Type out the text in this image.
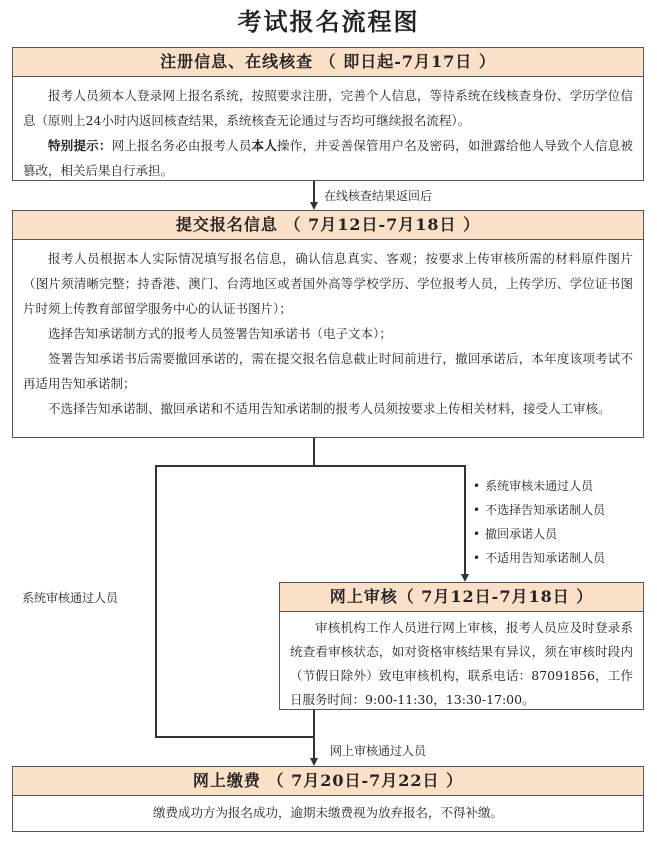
考试报名流程图
注册信息、在线核查 （ 即日起-7月17日 ）

报考人员须本人登录网上报名系统，按照要求注册，完善个人信息，等待系统在线核查身份、学历学位信息（原则上24小时内返回核查结果，系统核查无论通过与否均可继续报名流程）。

特别提示：网上报名务必由报考人员本人操作，并妥善保管用户名及密码，如泄露给他人导致个人信息被篡改，相关后果自行承担。

在线核查结果返回后
提交报名信息 （ 7月12日-7月18日 ）

报考人员根据本人实际情况填写报名信息，确认信息真实、客观；按要求上传审核所需的材料原件图片（图片须清晰完整；持香港、澳门、台湾地区或者国外高等学校学历、学位报考人员，上传学历、学位证书图片时须上传教育部留学服务中心的认证书图片）；

选择告知承诺制方式的报考人员签署告知承诺书（电子文本）；

签署告知承诺书后需要撤回承诺的，需在提交报名信息截止时间前进行，撤回承诺后，本年度该项考试不再适用告知承诺制；

不选择告知承诺制、撤回承诺和不适用告知承诺制的报考人员须按要求上传相关材料，接受人工审核。

系统审核通过人员
• 系统审核未通过人员
• 不选择告知承诺制人员
• 撤回承诺人员
• 不适用告知承诺制人员
网上审核（ 7月12日-7月18日 ）

审核机构工作人员进行网上审核，报考人员应及时登录系统查看审核状态，如对资格审核结果有异议，须在审核时段内（节假日除外）致电审核机构，联系电话：87091856，工作日服务时间：9:00-11:30，13:30-17:00。

网上审核通过人员
网上缴费 （ 7月20日-7月22日 ）
缴费成功方为报名成功，逾期未缴费视为放弃报名，不得补缴。
